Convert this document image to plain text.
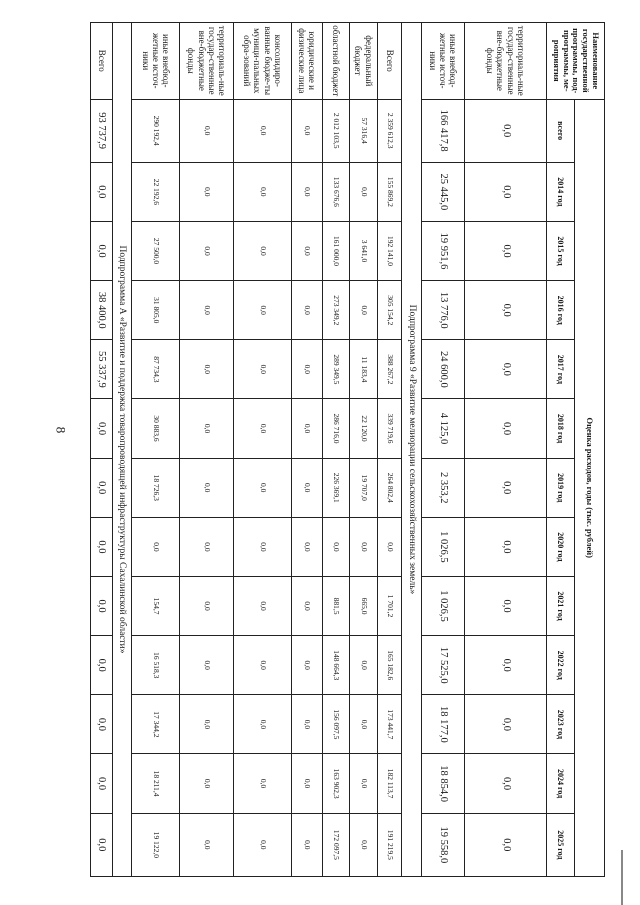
8
Наименование государственной программы, под-программы, ме-роприятия	Оценка расходов, годы (тыс. рублей)												
	всего	2014 год	2015 год	2016 год	2017 год	2018 год	2019 год	2020 год	2021 год	2022 год	2023 год	2024 год	2025 год
территориаль-ные государ-ственные вне-бюджетные фонды	0,0	0,0	0,0	0,0	0,0	0,0	0,0	0,0	0,0	0,0	0,0	0,0	0,0
иные внебюд-жетные источ-ники	166 417,8	25 445,0	19 951,6	13 776,0	24 600,0	4 125,0	2 353,2	1 026,5	1 026,5	17 525,0	18 177,0	18 854,0	19 558,0
Подпрограмма 9 «Развитие мелиорации сельскохозяйственных земель»													
Всего	2 359 612,3	155 869,2	192 141,0	305 154,2	388 267,2	339 719,6	264 802,4	0,0	1 701,2	165 182,6	173 441,7	182 113,7	191 219,5
федеральный бюджет	57 316,4	0,0	3 641,0	0,0	11 183,4	22 120,0	19 707,0	0,0	665,0	0,0	0,0	0,0	0,0
областной бюджет	2 012 103,5	133 676,6	161 000,0	273 349,2	289 349,5	286 716,0	226 369,1	0,0	881,5	148 664,3	156 097,5	163 902,3	172 097,5
юридические и физические лица	0,0	0,0	0,0	0,0	0,0	0,0	0,0	0,0	0,0	0,0	0,0	0,0	0,0
консолидиро-ванные бюдже-ты муници-пальных обра-зований	0,0	0,0	0,0	0,0	0,0	0,0	0,0	0,0	0,0	0,0	0,0	0,0	0,0
территориаль-ные государ-ственные вне-бюджетные фонды	0,0	0,0	0,0	0,0	0,0	0,0	0,0	0,0	0,0	0,0	0,0	0,0	0,0
иные внебюд-жетные источ-ники	290 192,4	22 192,6	27 500,0	31 805,0	87 734,3	30 883,6	18 726,3	0,0	154,7	16 518,3	17 344,2	18 211,4	19 122,0
Подпрограмма А «Развитие и поддержка товаропроводящей инфраструктуры Сахалинской области»													
Всего	93 737,9	0,0	0,0	38 400,0	55 337,9	0,0	0,0	0,0	0,0	0,0	0,0	0,0	0,0
